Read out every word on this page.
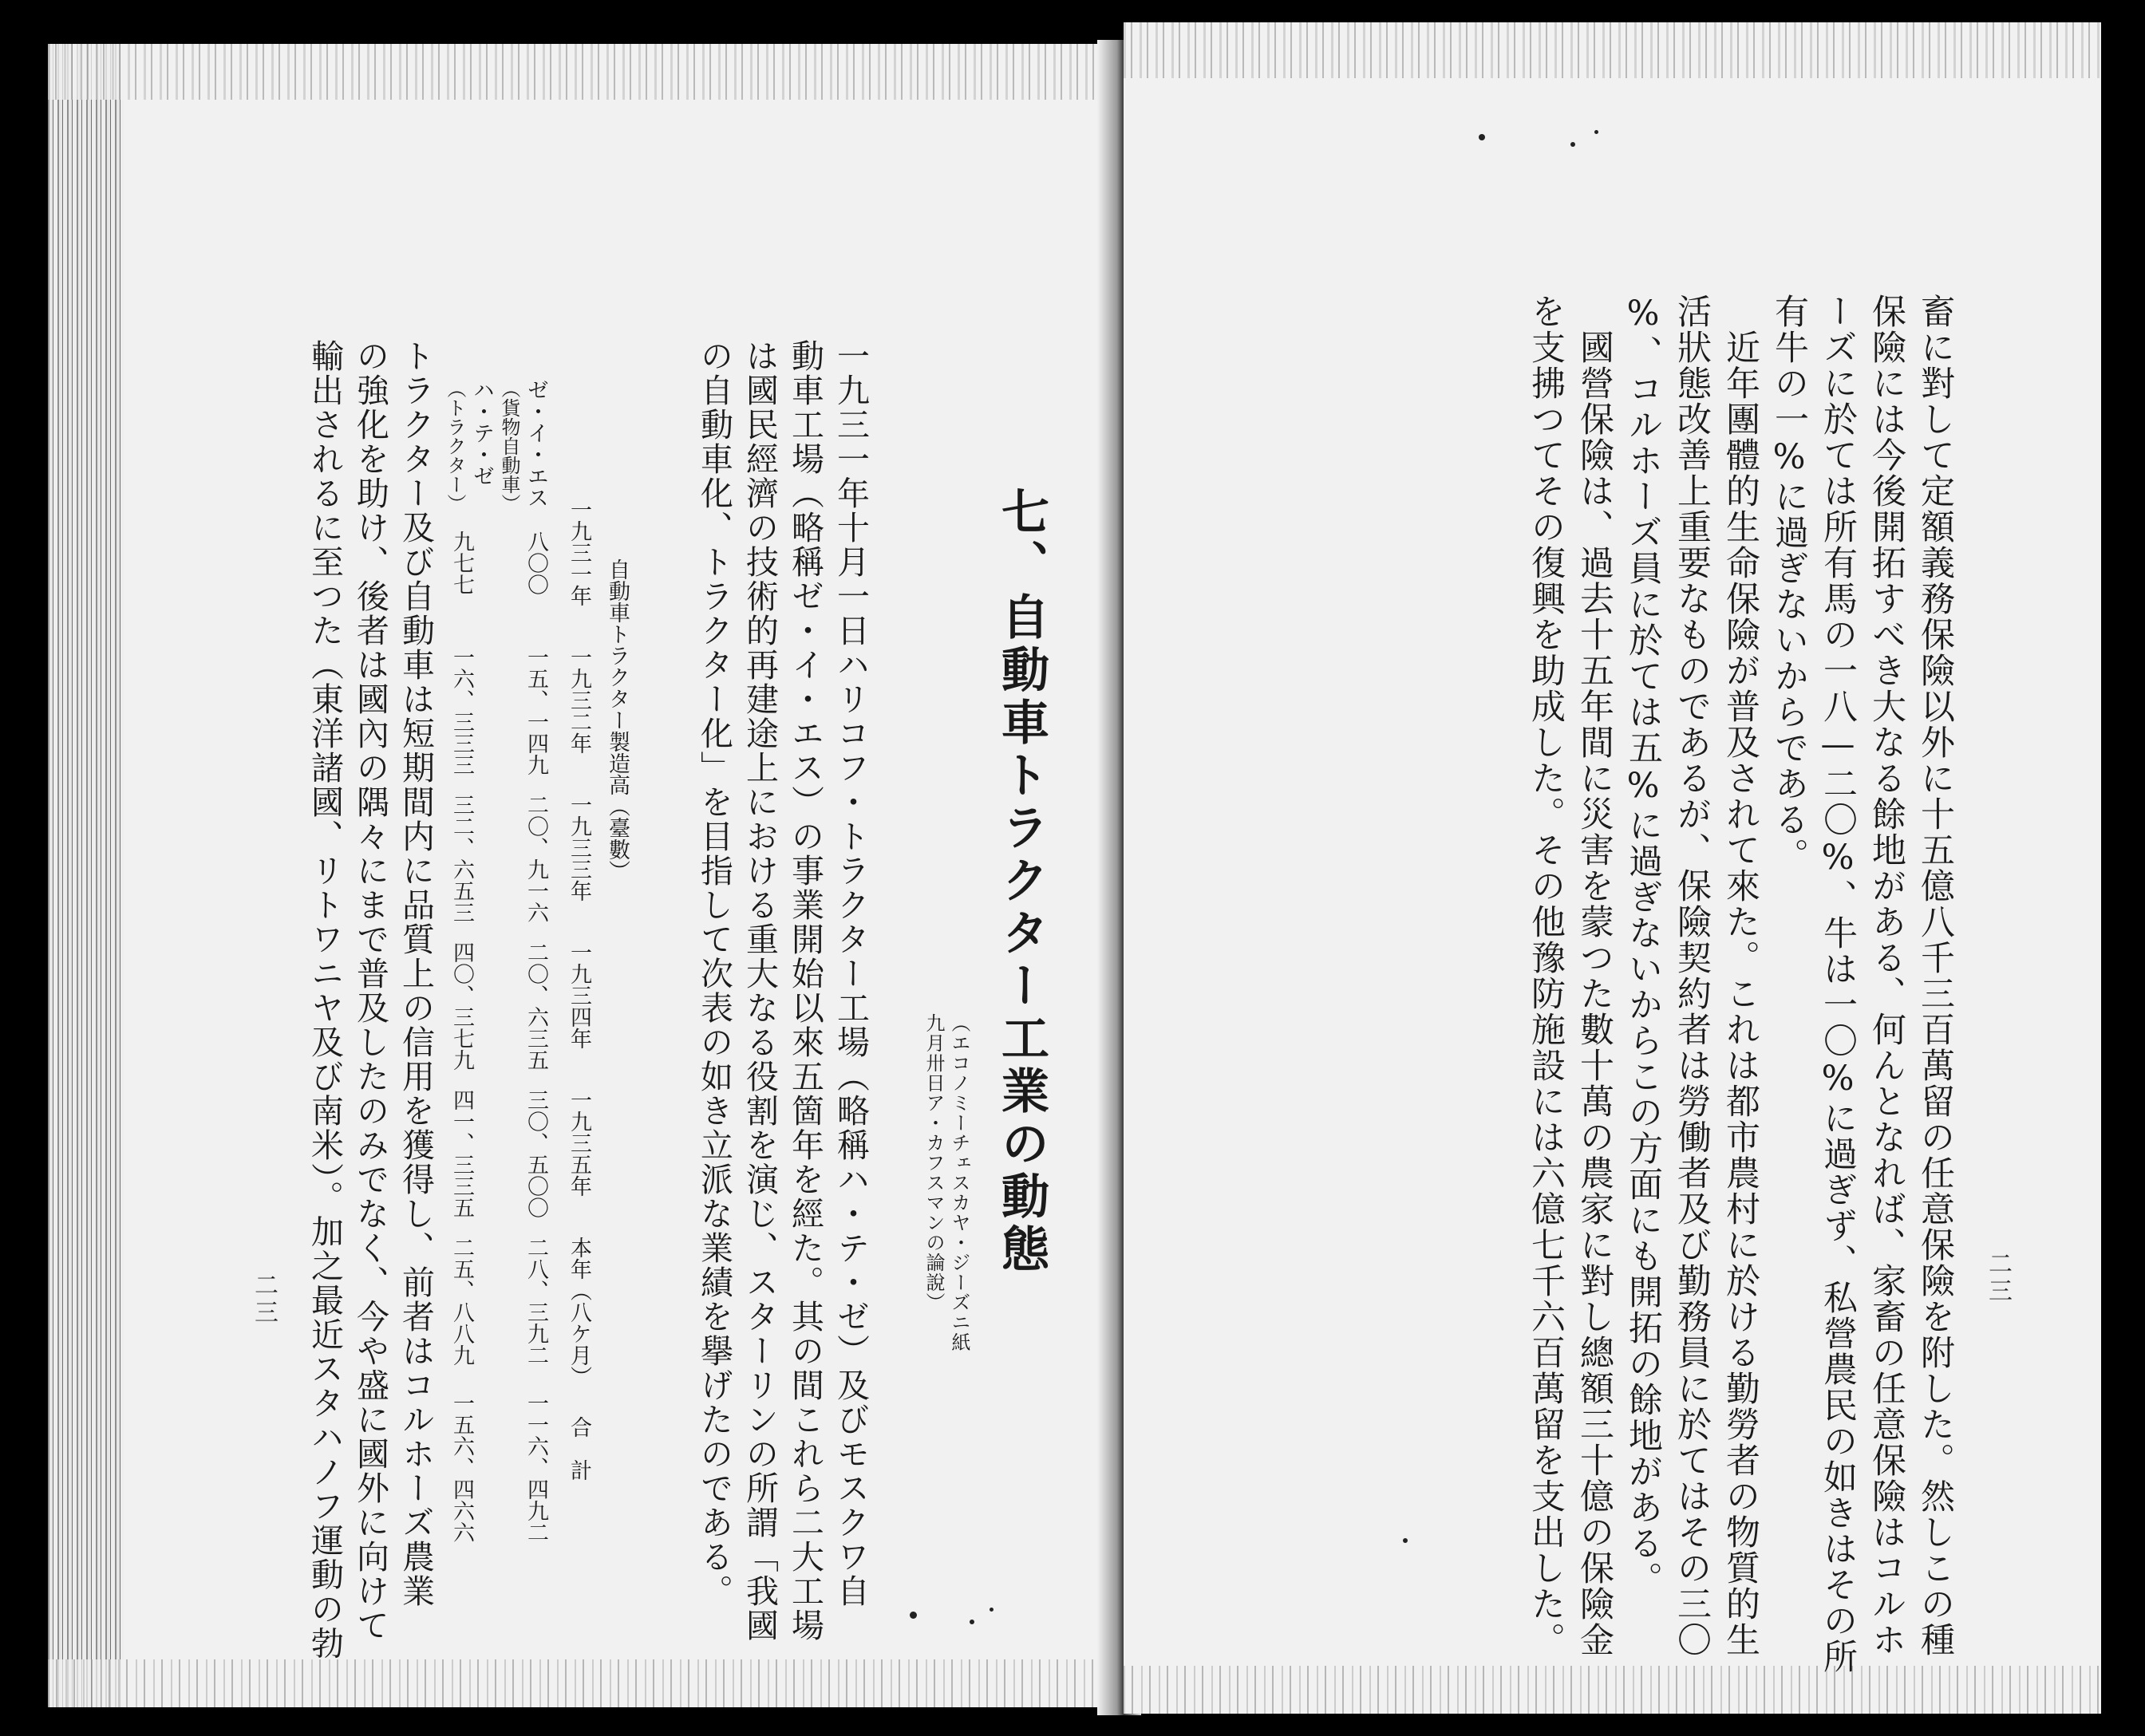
七、自動車トラクター工業の動態
（エコノミーチェスカヤ・ジーズニ紙
九月卅日ア・カフスマンの論說）
一九三一年十月一日ハリコフ・トラクター工場（略稱ハ・テ・ゼ）及びモスクワ自
動車工場（略稱ゼ・イ・エス）の事業開始以來五箇年を經た。其の間これら二大工場
は國民經濟の技術的再建途上における重大なる役割を演じ、スターリンの所謂「我國
の自動車化、トラクター化」を目指して次表の如き立派な業績を擧げたのである。
自動車トラクター製造高（臺數）
一九三一年
一九三二年
一九三三年
一九三四年
一九三五年
本年（八ケ月）
合　計
ゼ・イ・エス
（貨物自動車）
八〇〇
一五、一四九
二〇、九一六
二〇、六三五
三〇、五〇〇
二八、三九二
一一六、四九二
ハ・テ・ゼ
（トラクター）
九七七
一六、三三三
三二、六五三
四〇、三七九
四一、三三五
二五、八八九
一五六、四六六
トラクター及び自動車は短期間内に品質上の信用を獲得し、前者はコルホーズ農業
の強化を助け、後者は國內の隅々にまで普及したのみでなく、今や盛に國外に向けて
輸出されるに至つた（東洋諸國、リトワニヤ及び南米）。加之最近スタハノフ運動の勃
二三	畜に對して定額義務保險以外に十五億八千三百萬留の任意保險を附した。然しこの種
保險には今後開拓すべき大なる餘地がある、何んとなれば、家畜の任意保險はコルホ
ーズに於ては所有馬の一八—二〇%、牛は一〇%に過ぎず、私營農民の如きはその所
有牛の一%に過ぎないからである。
近年團體的生命保險が普及されて來た。これは都市農村に於ける勤勞者の物質的生
活狀態改善上重要なものであるが、保險契約者は勞働者及び勤務員に於てはその三〇
%、コルホーズ員に於ては五%に過ぎないからこの方面にも開拓の餘地がある。
國營保險は、過去十五年間に災害を蒙つた數十萬の農家に對し總額三十億の保險金
を支拂つてその復興を助成した。その他豫防施設には六億七千六百萬留を支出した。	二三
